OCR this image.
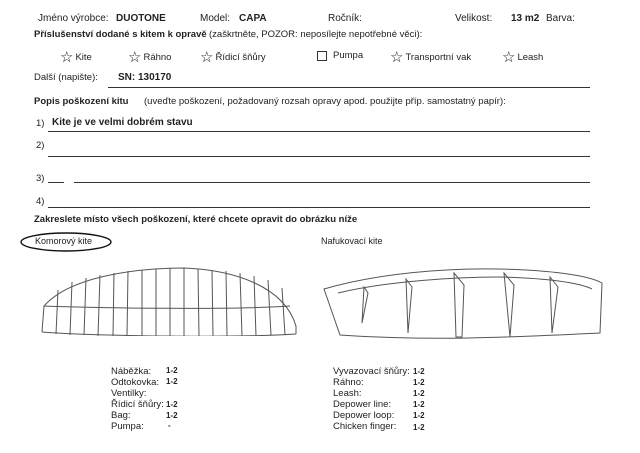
Jméno výrobce: DUOTONE	Model: CAPA	Ročník:	Velikost: 13 m2 Barva:
Příslušenství dodané s kitem k opravě (zaškrtněte, POZOR: neposílejte nepotřebné věci):
☆ Kite ☆ Ráhno ☆ Řídicí šňůry	Pumpa ☆ Transportní vak ☆ Leash
Další (napište): SN: 130170
Popis poškození kitu (uveďte poškození, požadovaný rozsah opravy apod. použijte příp. samostatný papír):
1) Kite je ve velmi dobrém stavu
2)
3)
4)
Zakreslete místo všech poškození, které chcete opravit do obrázku níže
Komorový kite	Nafukovací kite
Náběžka: 1-2
Odtokovka: 1-2
Ventilky:
Řídicí šňůry: 1-2
Bag:	1-2
Pumpa:	-
Vyvazovací šňůry: 1-2
Ráhno:	1-2
Leash:	1-2
Depower line:	1-2
Depower loop: 1-2
Chicken finger: 1-2
